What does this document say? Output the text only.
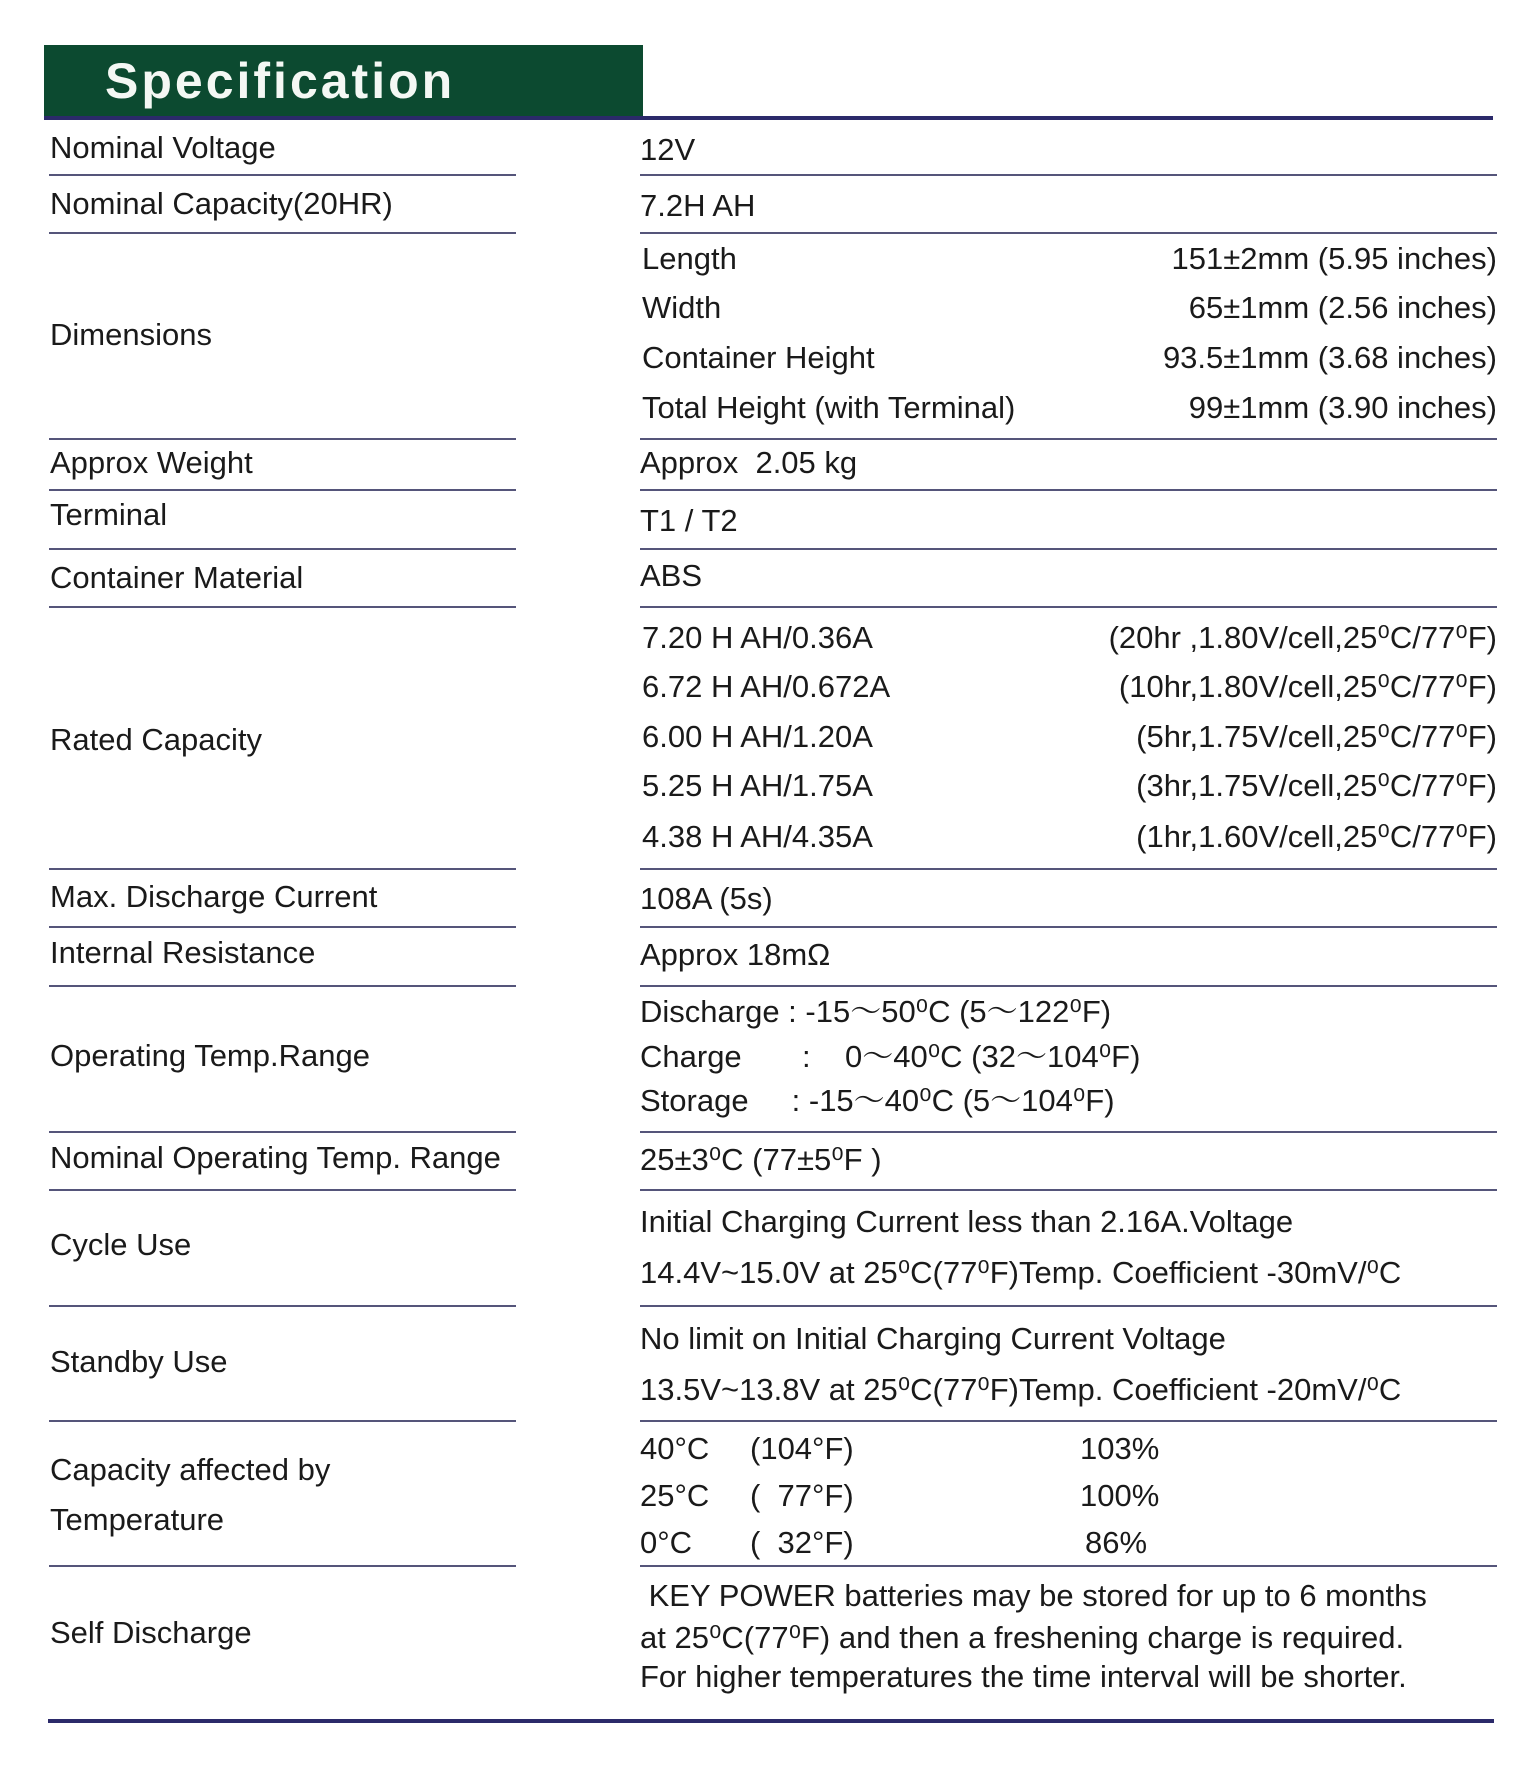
Specification
Nominal Voltage	12V
Nominal Capacity(20HR)	7.2H AH
Dimensions
Length	151±2mm (5.95 inches)
Width	65±1mm (2.56 inches)
Container Height	93.5±1mm (3.68 inches)
Total Height (with Terminal)	99±1mm (3.90 inches)
Approx Weight	Approx  2.05 kg
Terminal	T1 / T2
Container Material	ABS
Rated Capacity
7.20 H AH/0.36A	(20hr ,1.80V/cell,25⁰C/77⁰F)
6.72 H AH/0.672A	(10hr,1.80V/cell,25⁰C/77⁰F)
6.00 H AH/1.20A	(5hr,1.75V/cell,25⁰C/77⁰F)
5.25 H AH/1.75A	(3hr,1.75V/cell,25⁰C/77⁰F)
4.38 H AH/4.35A	(1hr,1.60V/cell,25⁰C/77⁰F)
Max. Discharge Current	108A (5s)
Internal Resistance	Approx 18mΩ
Operating Temp.Range
Discharge : -15～50⁰C (5～122⁰F)
Charge       :    0～40⁰C (32～104⁰F)
Storage     : -15～40⁰C (5～104⁰F)
Nominal Operating Temp. Range	25±3⁰C (77±5⁰F )
Cycle Use
Initial Charging Current less than 2.16A.Voltage
14.4V~15.0V at 25⁰C(77⁰F)Temp. Coefficient -30mV/⁰C
Standby Use
No limit on Initial Charging Current Voltage
13.5V~13.8V at 25⁰C(77⁰F)Temp. Coefficient -20mV/⁰C
Capacity affected by
Temperature
40°C (104°F)	103%
25°C (  77°F)	100%
0°C (  32°F)	86%
Self Discharge
KEY POWER batteries may be stored for up to 6 months
at 25⁰C(77⁰F) and then a freshening charge is required.
For higher temperatures the time interval will be shorter.
